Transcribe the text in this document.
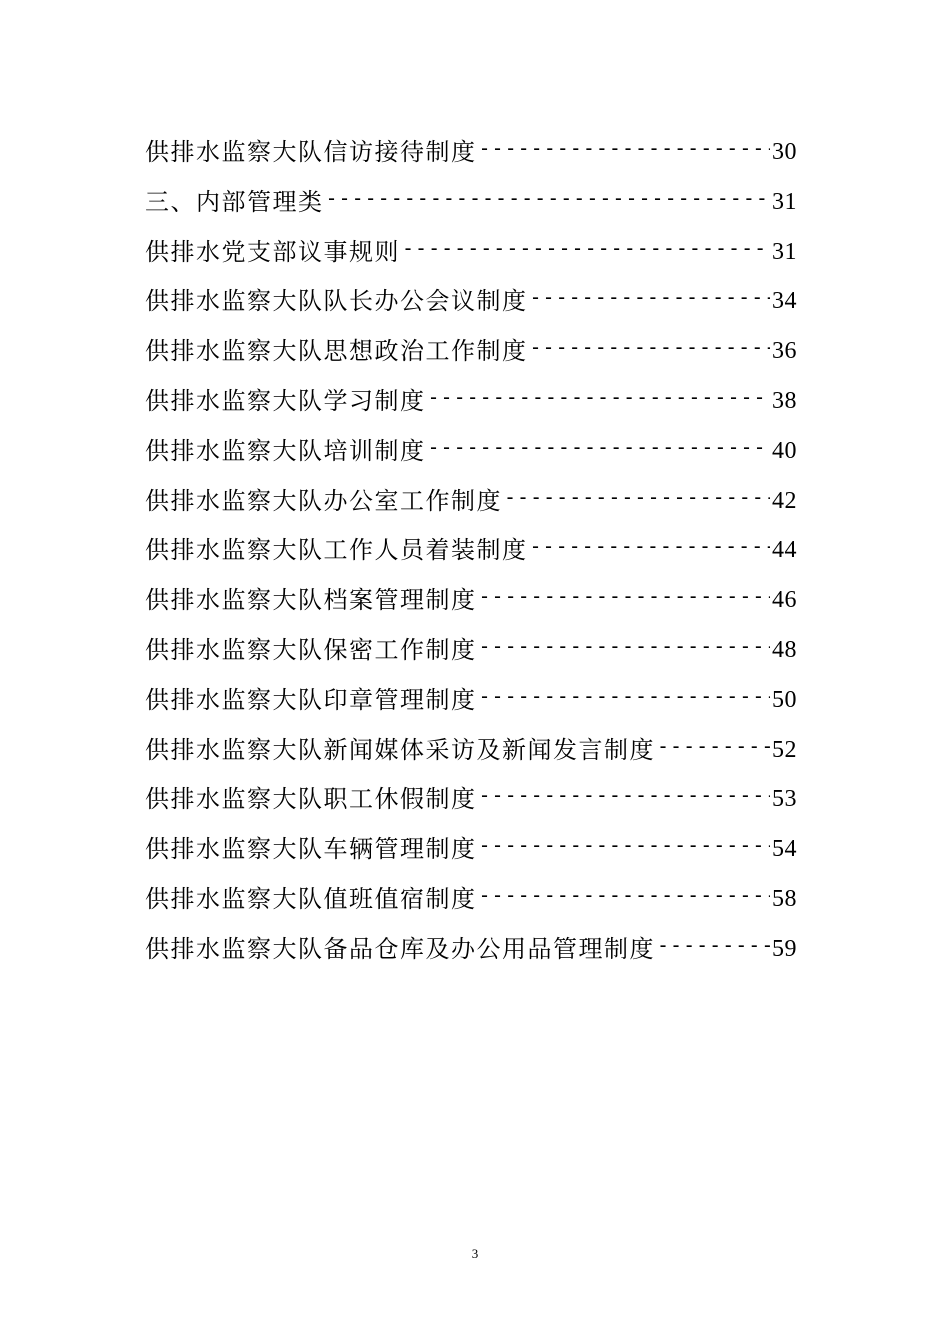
供排水监察大队信访接待制度 -----	30
三、内部管理类 -----	31
供排水党支部议事规则 -----	31
供排水监察大队队长办公会议制度 -----	34
供排水监察大队思想政治工作制度 -----	36
供排水监察大队学习制度 -----	38
供排水监察大队培训制度 -----	40
供排水监察大队办公室工作制度 -----	42
供排水监察大队工作人员着装制度 -----	44
供排水监察大队档案管理制度 -----	46
供排水监察大队保密工作制度 -----	48
供排水监察大队印章管理制度 -----	50
供排水监察大队新闻媒体采访及新闻发言制度 -----	52
供排水监察大队职工休假制度 -----	53
供排水监察大队车辆管理制度 -----	54
供排水监察大队值班值宿制度 -----	58
供排水监察大队备品仓库及办公用品管理制度 -----	59
3
